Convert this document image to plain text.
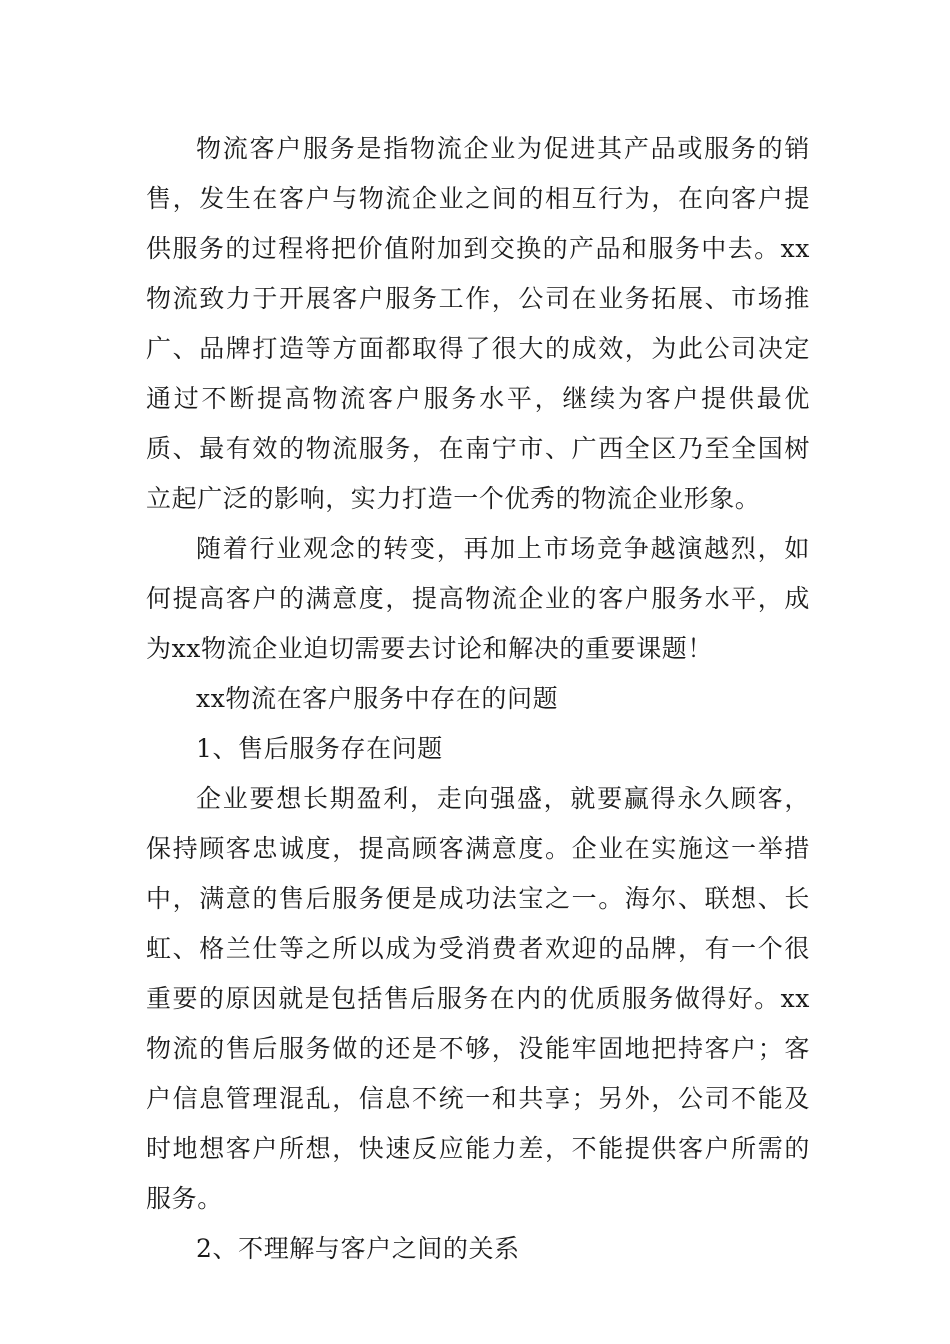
物流客户服务是指物流企业为促进其产品或服务的销售，发生在客户与物流企业之间的相互行为，在向客户提供服务的过程将把价值附加到交换的产品和服务中去。xx物流致力于开展客户服务工作，公司在业务拓展、市场推广、品牌打造等方面都取得了很大的成效，为此公司决定通过不断提高物流客户服务水平，继续为客户提供最优质、最有效的物流服务，在南宁市、广西全区乃至全国树立起广泛的影响，实力打造一个优秀的物流企业形象。

随着行业观念的转变，再加上市场竞争越演越烈，如何提高客户的满意度，提高物流企业的客户服务水平，成为xx物流企业迫切需要去讨论和解决的重要课题！

xx物流在客户服务中存在的问题

1、售后服务存在问题

企业要想长期盈利，走向强盛，就要赢得永久顾客，保持顾客忠诚度，提高顾客满意度。企业在实施这一举措中，满意的售后服务便是成功法宝之一。海尔、联想、长虹、格兰仕等之所以成为受消费者欢迎的品牌，有一个很重要的原因就是包括售后服务在内的优质服务做得好。xx物流的售后服务做的还是不够，没能牢固地把持客户；客户信息管理混乱，信息不统一和共享；另外，公司不能及时地想客户所想，快速反应能力差，不能提供客户所需的服务。

2、不理解与客户之间的关系
